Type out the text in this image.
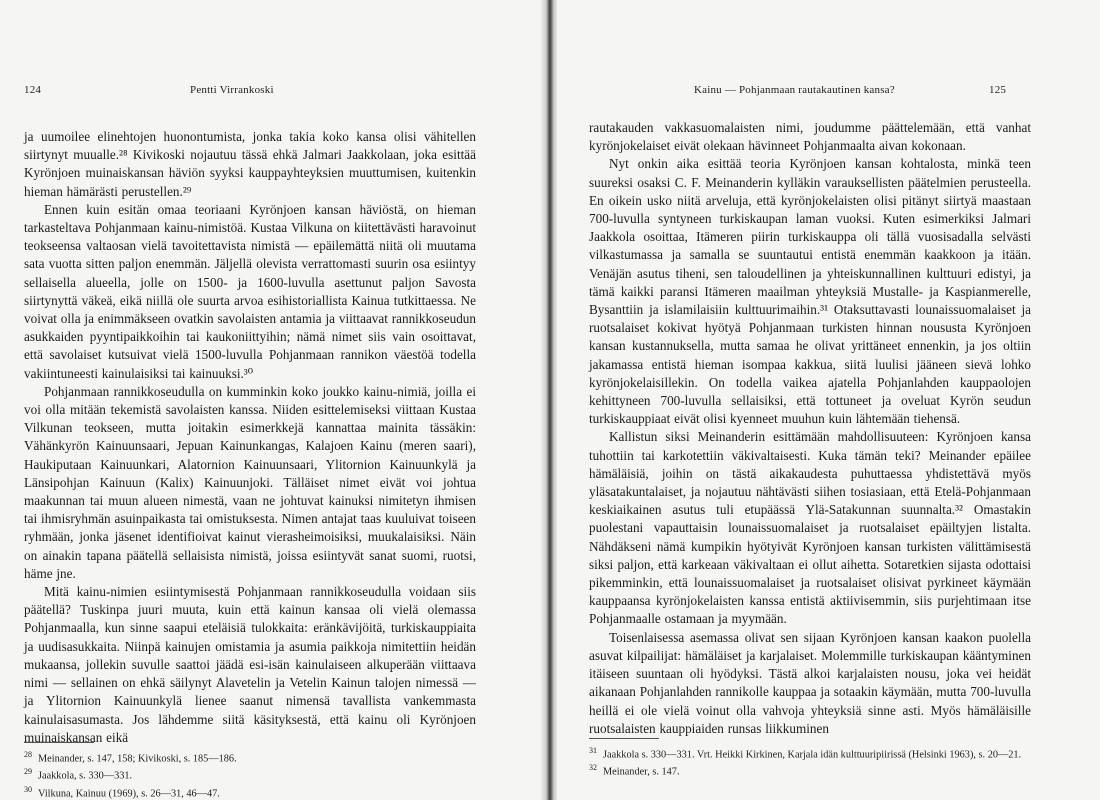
124	Pentti Virrankoski

ja uumoilee elinehtojen huonontumista, jonka takia koko kansa olisi vähitellen siirtynyt muualle.²⁸ Kivikoski nojautuu tässä ehkä Jalmari Jaakkolaan, joka esittää Kyrönjoen muinaiskansan häviön syyksi kauppayhteyksien muuttumisen, kuitenkin hieman hämärästi perustellen.²⁹

Ennen kuin esitän omaa teoriaani Kyrönjoen kansan häviöstä, on hieman tarkasteltava Pohjanmaan kainu-nimistöä. Kustaa Vilkuna on kiitettävästi haravoinut teokseensa valtaosan vielä tavoitettavista nimistä — epäilemättä niitä oli muutama sata vuotta sitten paljon enemmän. Jäljellä olevista verrattomasti suurin osa esiintyy sellaisella alueella, jolle on 1500- ja 1600-luvulla asettunut paljon Savosta siirtynyttä väkeä, eikä niillä ole suurta arvoa esihistoriallista Kainua tutkittaessa. Ne voivat olla ja enimmäkseen ovatkin savolaisten antamia ja viittaavat rannikkoseudun asukkaiden pyyntipaikkoihin tai kaukoniittyihin; nämä nimet siis vain osoittavat, että savolaiset kutsuivat vielä 1500-luvulla Pohjanmaan rannikon väestöä todella vakiintuneesti kainulaisiksi tai kainuuksi.³⁰

Pohjanmaan rannikkoseudulla on kumminkin koko joukko kainu-nimiä, joilla ei voi olla mitään tekemistä savolaisten kanssa. Niiden esittelemiseksi viittaan Kustaa Vilkunan teokseen, mutta joitakin esimerkkejä kannattaa mainita tässäkin: Vähänkyrön Kainuunsaari, Jepuan Kainunkangas, Kalajoen Kainu (meren saari), Haukiputaan Kainuunkari, Alatornion Kainuunsaari, Ylitornion Kainuunkylä ja Länsipohjan Kainuun (Kalix) Kainuunjoki. Tälläiset nimet eivät voi johtua maakunnan tai muun alueen nimestä, vaan ne johtuvat kainuksi nimitetyn ihmisen tai ihmisryhmän asuinpaikasta tai omistuksesta. Nimen antajat taas kuuluivat toiseen ryhmään, jonka jäsenet identifioivat kainut vierasheimoisiksi, muukalaisiksi. Näin on ainakin tapana päätellä sellaisista nimistä, joissa esiintyvät sanat suomi, ruotsi, häme jne.

Mitä kainu-nimien esiintymisestä Pohjanmaan rannikkoseudulla voidaan siis päätellä? Tuskinpa juuri muuta, kuin että kainun kansaa oli vielä olemassa Pohjanmaalla, kun sinne saapui eteläisiä tulokkaita: eränkävijöitä, turkiskauppiaita ja uudisasukkaita. Niinpä kainujen omistamia ja asumia paikkoja nimitettiin heidän mukaansa, jollekin suvulle saattoi jäädä esi-isän kainulaiseen alkuperään viittaava nimi — sellainen on ehkä säilynyt Alavetelin ja Vetelin Kainun talojen nimessä — ja Ylitornion Kainuunkylä lienee saanut nimensä tavallista vankemmasta kainulaisasumasta. Jos lähdemme siitä käsityksestä, että kainu oli Kyrönjoen muinaiskansan eikä

$^{28}$ Meinander, s. 147, 158; Kivikoski, s. 185—186.

$^{29}$ Jaakkola, s. 330—331.

$^{30}$ Vilkuna, Kainuu (1969), s. 26—31, 46—47.

Kainu — Pohjanmaan rautakautinen kansa?	125

rautakauden vakkasuomalaisten nimi, joudumme päättelemään, että vanhat kyrönjokelaiset eivät olekaan hävinneet Pohjanmaalta aivan kokonaan.

Nyt onkin aika esittää teoria Kyrönjoen kansan kohtalosta, minkä teen suureksi osaksi C. F. Meinanderin kylläkin varauksellisten päätelmien perusteella. En oikein usko niitä arveluja, että kyrönjokelaisten olisi pitänyt siirtyä maastaan 700-luvulla syntyneen turkiskaupan laman vuoksi. Kuten esimerkiksi Jalmari Jaakkola osoittaa, Itämeren piirin turkiskauppa oli tällä vuosisadalla selvästi vilkastumassa ja samalla se suuntautui entistä enemmän kaakkoon ja itään. Venäjän asutus tiheni, sen taloudellinen ja yhteiskunnallinen kulttuuri edistyi, ja tämä kaikki paransi Itämeren maailman yhteyksiä Mustalle- ja Kaspianmerelle, Bysanttiin ja islamilaisiin kulttuurimaihin.³¹ Otaksuttavasti lounaissuomalaiset ja ruotsalaiset kokivat hyötyä Pohjanmaan turkisten hinnan noususta Kyrönjoen kansan kustannuksella, mutta samaa he olivat yrittäneet ennenkin, ja jos oltiin jakamassa entistä hieman isompaa kakkua, siitä luulisi jääneen sievä lohko kyrönjokelaisillekin. On todella vaikea ajatella Pohjanlahden kauppaolojen kehittyneen 700-luvulla sellaisiksi, että tottuneet ja oveluat Kyrön seudun turkiskauppiaat eivät olisi kyenneet muuhun kuin lähtemään tiehensä.

Kallistun siksi Meinanderin esittämään mahdollisuuteen: Kyrönjoen kansa tuhottiin tai karkotettiin väkivaltaisesti. Kuka tämän teki? Meinander epäilee hämäläisiä, joihin on tästä aikakaudesta puhuttaessa yhdistettävä myös yläsatakuntalaiset, ja nojautuu nähtävästi siihen tosiasiaan, että Etelä-Pohjanmaan keskiaikainen asutus tuli etupäässä Ylä-Satakunnan suunnalta.³² Omastakin puolestani vapauttaisin lounaissuomalaiset ja ruotsalaiset epäiltyjen listalta. Nähdäkseni nämä kumpikin hyötyivät Kyrönjoen kansan turkisten välittämisestä siksi paljon, että karkeaan väkivaltaan ei ollut aihetta. Sotaretkien sijasta odottaisi pikemminkin, että lounaissuomalaiset ja ruotsalaiset olisivat pyrkineet käymään kauppaansa kyrönjokelaisten kanssa entistä aktiivisemmin, siis purjehtimaan itse Pohjanmaalle ostamaan ja myymään.

Toisenlaisessa asemassa olivat sen sijaan Kyrönjoen kansan kaakon puolella asuvat kilpailijat: hämäläiset ja karjalaiset. Molemmille turkiskaupan kääntyminen itäiseen suuntaan oli hyödyksi. Tästä alkoi karjalaisten nousu, joka vei heidät aikanaan Pohjanlahden rannikolle kauppaa ja sotaakin käymään, mutta 700-luvulla heillä ei ole vielä voinut olla vahvoja yhteyksiä sinne asti. Myös hämäläisille ruotsalaisten kauppiaiden runsas liikkuminen

$^{31}$ Jaakkola s. 330—331. Vrt. Heikki Kirkinen, Karjala idän kulttuuripiirissä (Helsinki 1963), s. 20—21.

$^{32}$ Meinander, s. 147.
